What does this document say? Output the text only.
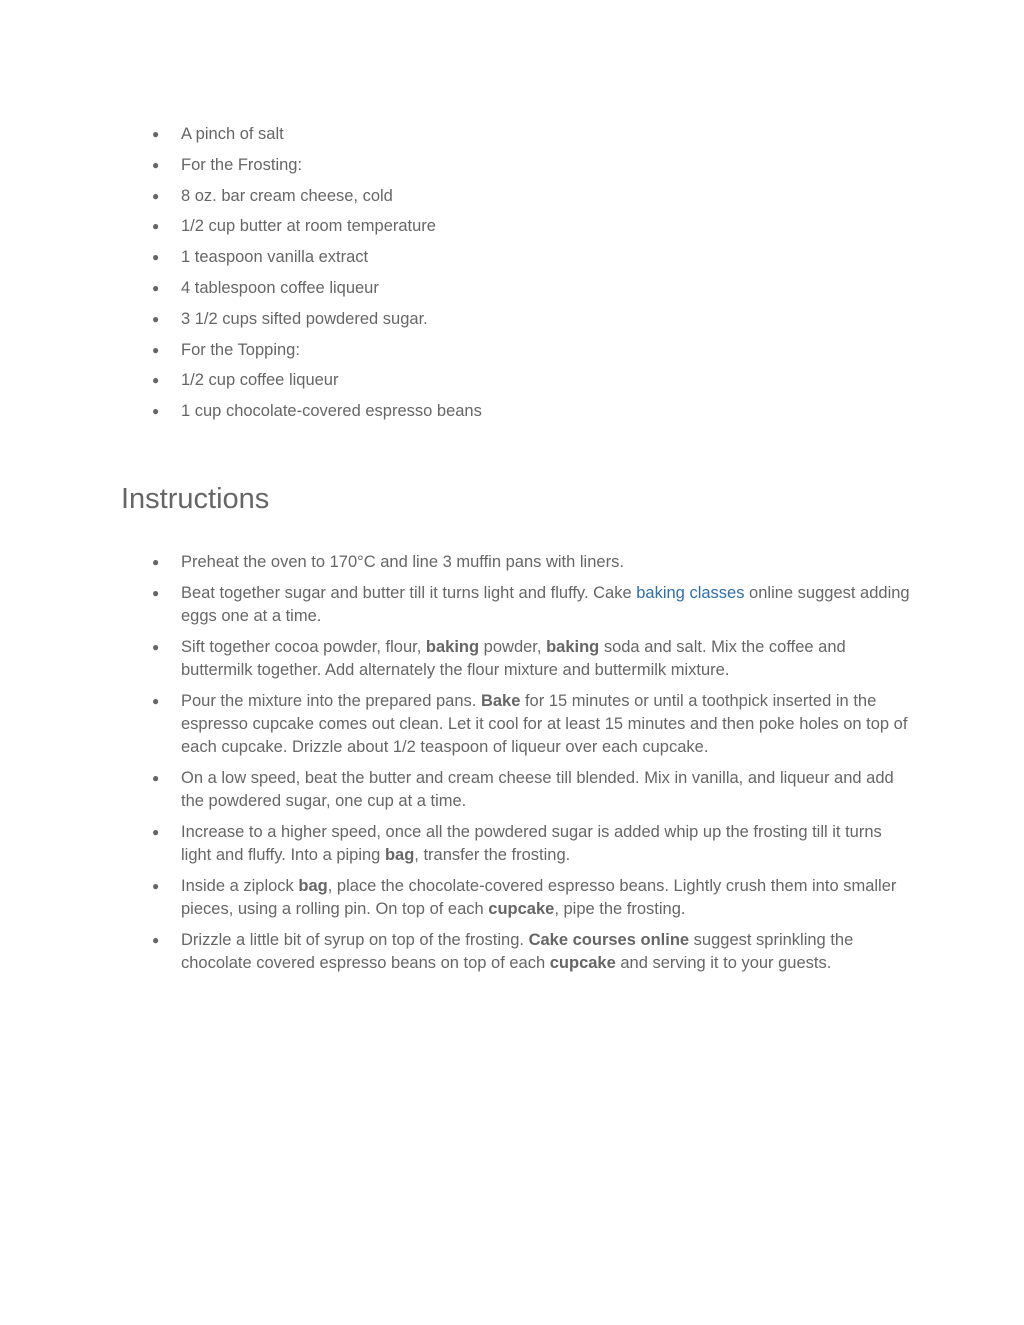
● A pinch of salt
● For the Frosting:
● 8 oz. bar cream cheese, cold
● 1/2 cup butter at room temperature
● 1 teaspoon vanilla extract
● 4 tablespoon coffee liqueur
● 3 1/2 cups sifted powdered sugar.
● For the Topping:
● 1/2 cup coffee liqueur
● 1 cup chocolate-covered espresso beans
Instructions
● Preheat the oven to 170°C and line 3 muffin pans with liners.
● Beat together sugar and butter till it turns light and fluffy. Cake baking classes online suggest adding eggs one at a time.
● Sift together cocoa powder, flour, baking powder, baking soda and salt. Mix the coffee and buttermilk together. Add alternately the flour mixture and buttermilk mixture.
● Pour the mixture into the prepared pans. Bake for 15 minutes or until a toothpick inserted in the espresso cupcake comes out clean. Let it cool for at least 15 minutes and then poke holes on top of each cupcake. Drizzle about 1/2 teaspoon of liqueur over each cupcake.
● On a low speed, beat the butter and cream cheese till blended. Mix in vanilla, and liqueur and add the powdered sugar, one cup at a time.
● Increase to a higher speed, once all the powdered sugar is added whip up the frosting till it turns light and fluffy. Into a piping bag, transfer the frosting.
● Inside a ziplock bag, place the chocolate-covered espresso beans. Lightly crush them into smaller pieces, using a rolling pin. On top of each cupcake, pipe the frosting.
● Drizzle a little bit of syrup on top of the frosting. Cake courses online suggest sprinkling the chocolate covered espresso beans on top of each cupcake and serving it to your guests.
